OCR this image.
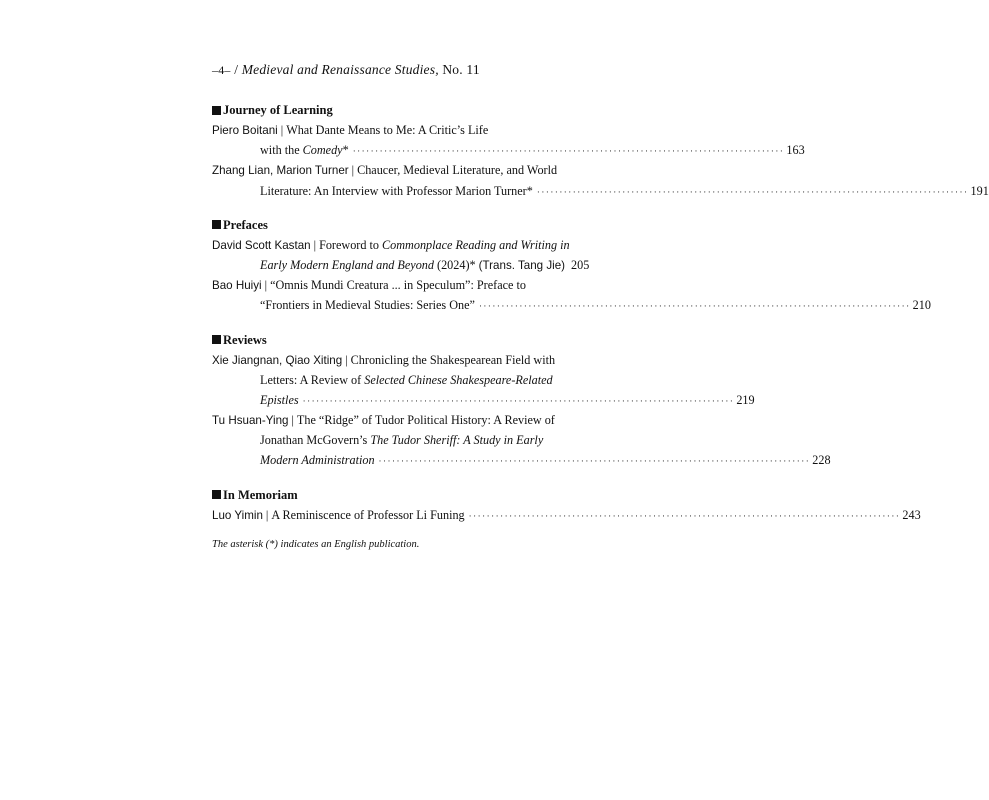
–4– / Medieval and Renaissance Studies, No. 11
Journey of Learning
Piero Boitani | What Dante Means to Me: A Critic’s Life
with the Comedy* ································································································ 163
Zhang Lian, Marion Turner | Chaucer, Medieval Literature, and World
Literature: An Interview with Professor Marion Turner* ································································································ 191
Prefaces
David Scott Kastan | Foreword to Commonplace Reading and Writing in
Early Modern England and Beyond (2024)* (Trans. Tang Jie) 205
Bao Huiyi | “Omnis Mundi Creatura ... in Speculum”: Preface to
“Frontiers in Medieval Studies: Series One” ································································································ 210
Reviews
Xie Jiangnan, Qiao Xiting | Chronicling the Shakespearean Field with
Letters: A Review of Selected Chinese Shakespeare-Related
Epistles ································································································ 219
Tu Hsuan-Ying | The “Ridge” of Tudor Political History: A Review of
Jonathan McGovern’s The Tudor Sheriff: A Study in Early
Modern Administration ································································································ 228
In Memoriam
Luo Yimin | A Reminiscence of Professor Li Funing ································································································ 243
The asterisk (*) indicates an English publication.
